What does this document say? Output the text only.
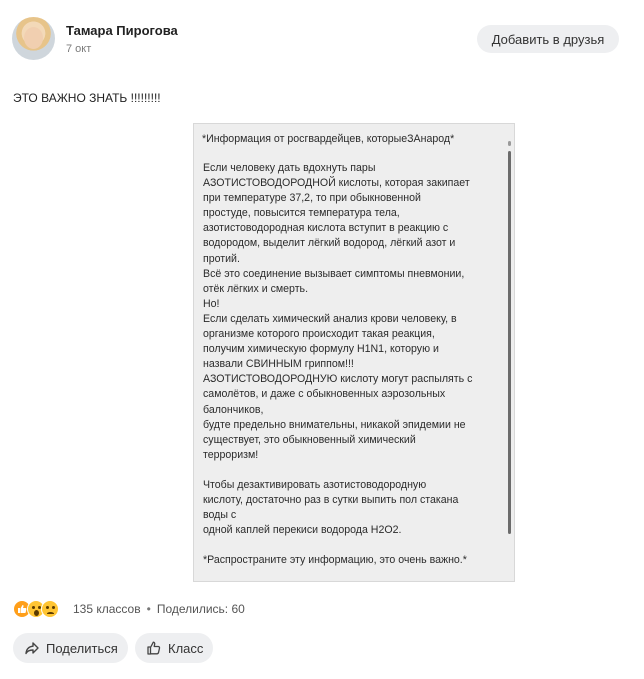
Тамара Пирогова
7 окт
Добавить в друзья
ЭТО ВАЖНО ЗНАТЬ !!!!!!!!!
*Информация от росгвардейцев, которыеЗАнарод*
Если человеку дать вдохнуть пары
АЗОТИСТОВОДОРОДНОЙ кислоты, которая закипает
при температуре 37,2, то при обыкновенной
простуде, повысится температура тела,
азотистоводородная кислота вступит в реакцию с
водородом, выделит лёгкий водород, лёгкий азот и
протий.
Всё это соединение вызывает симптомы пневмонии,
отёк лёгких и смерть.
Но!
Если сделать химический анализ крови человеку, в
организме которого происходит такая реакция,
получим химическую формулу H1N1, которую и
назвали СВИННЫМ гриппом!!!
АЗОТИСТОВОДОРОДНУЮ кислоту могут распылять с
самолётов, и даже с обыкновенных аэрозольных
балончиков,
будте предельно внимательны, никакой эпидемии не
существует, это обыкновенный химический
терроризм!

Чтобы дезактивировать азотистоводородную
кислоту, достаточно раз в сутки выпить пол стакана
воды с
одной каплей перекиси водорода H2O2.

*Распространите эту информацию, это очень важно.*
135 классов • Поделились: 60
Поделиться	Класс
